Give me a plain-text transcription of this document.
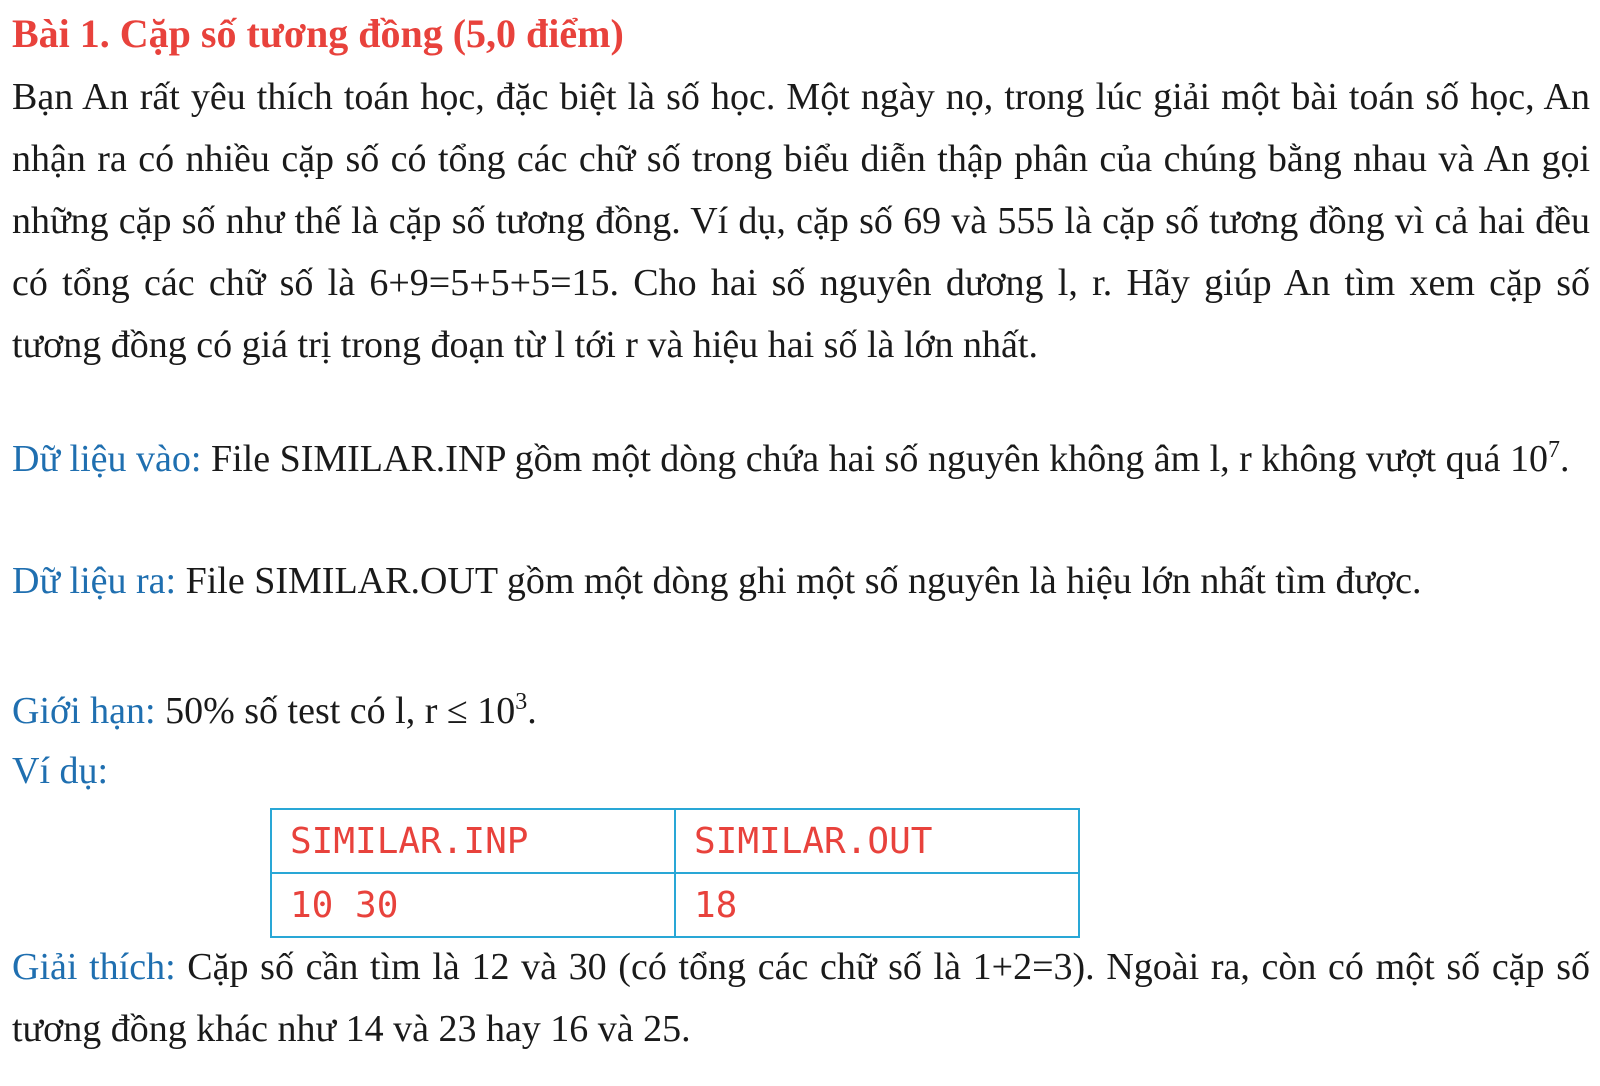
Bài 1. Cặp số tương đồng (5,0 điểm)

Bạn An rất yêu thích toán học, đặc biệt là số học. Một ngày nọ, trong lúc giải một bài toán số học, An nhận ra có nhiều cặp số có tổng các chữ số trong biểu diễn thập phân của chúng bằng nhau và An gọi những cặp số như thế là cặp số tương đồng. Ví dụ, cặp số 69 và 555 là cặp số tương đồng vì cả hai đều có tổng các chữ số là 6+9=5+5+5=15. Cho hai số nguyên dương l, r. Hãy giúp An tìm xem cặp số tương đồng có giá trị trong đoạn từ l tới r và hiệu hai số là lớn nhất.

Dữ liệu vào: File SIMILAR.INP gồm một dòng chứa hai số nguyên không âm l, r không vượt quá $10^7$.

Dữ liệu ra: File SIMILAR.OUT gồm một dòng ghi một số nguyên là hiệu lớn nhất tìm được.

Giới hạn: 50% số test có l, $r \le 10^3$.

Ví dụ:

SIMILAR.INP	SIMILAR.OUT
10 30	18

Giải thích: Cặp số cần tìm là 12 và 30 (có tổng các chữ số là 1+2=3). Ngoài ra, còn có một số cặp số tương đồng khác như 14 và 23 hay 16 và 25.
